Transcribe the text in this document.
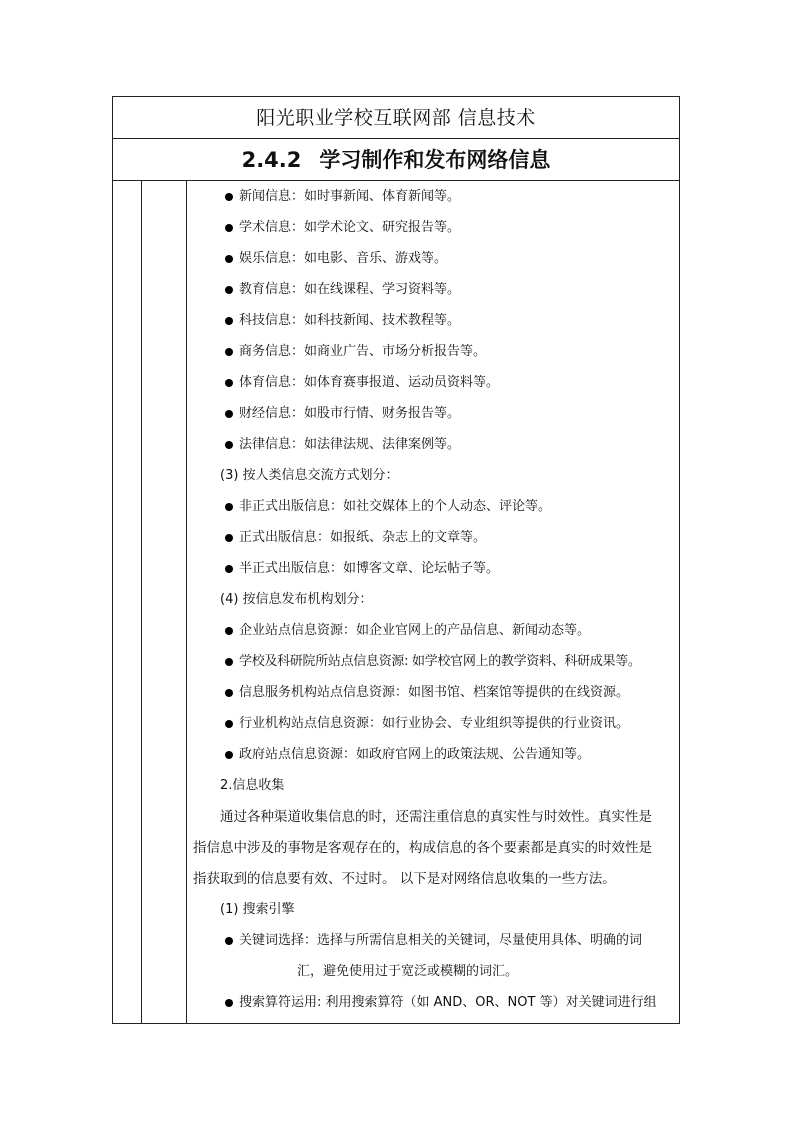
阳光职业学校互联网部 信息技术
2.4.2 学习制作和发布网络信息
新闻信息：如时事新闻、体育新闻等。
学术信息：如学术论文、研究报告等。
娱乐信息：如电影、音乐、游戏等。
教育信息：如在线课程、学习资料等。
科技信息：如科技新闻、技术教程等。
商务信息：如商业广告、市场分析报告等。
体育信息：如体育赛事报道、运动员资料等。
财经信息：如股市行情、财务报告等。
法律信息：如法律法规、法律案例等。
(3) 按人类信息交流方式划分：
非正式出版信息：如社交媒体上的个人动态、评论等。
正式出版信息：如报纸、杂志上的文章等。
半正式出版信息：如博客文章、论坛帖子等。
(4) 按信息发布机构划分：
企业站点信息资源：如企业官网上的产品信息、新闻动态等。
学校及科研院所站点信息资源: 如学校官网上的教学资料、科研成果等。
信息服务机构站点信息资源：如图书馆、档案馆等提供的在线资源。
行业机构站点信息资源：如行业协会、专业组织等提供的行业资讯。
政府站点信息资源：如政府官网上的政策法规、公告通知等。
2.信息收集
通过各种渠道收集信息的时，还需注重信息的真实性与时效性。真实性是
指信息中涉及的事物是客观存在的，构成信息的各个要素都是真实的时效性是
指获取到的信息要有效、不过时。 以下是对网络信息收集的一些方法。
(1) 搜索引擎
关键词选择：选择与所需信息相关的关键词，尽量使用具体、明确的词
汇，避免使用过于宽泛或模糊的词汇。
搜索算符运用: 利用搜索算符（如 AND、OR、NOT 等）对关键词进行组
